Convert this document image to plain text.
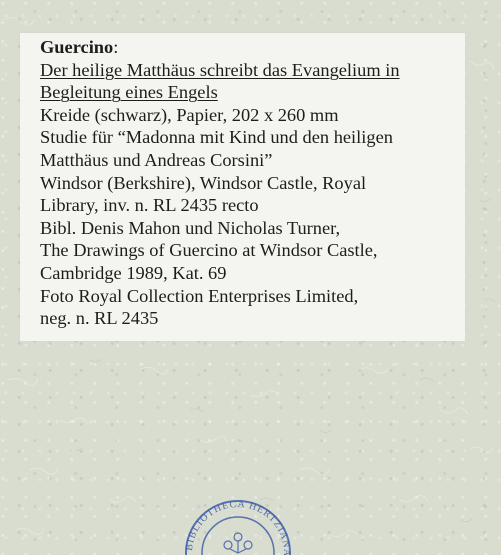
Guercino:
Der heilige Matthäus schreibt das Evangelium in
Begleitung eines Engels
Kreide (schwarz), Papier, 202 x 260 mm
Studie für “Madonna mit Kind und den heiligen
Matthäus und Andreas Corsini”
Windsor (Berkshire), Windsor Castle, Royal
Library, inv. n. RL 2435 recto
Bibl. Denis Mahon und Nicholas Turner,
The Drawings of Guercino at Windsor Castle,
Cambridge 1989, Kat. 69
Foto Royal Collection Enterprises Limited,
neg. n. RL 2435
BIBLIOTHECA HERTZIANA
